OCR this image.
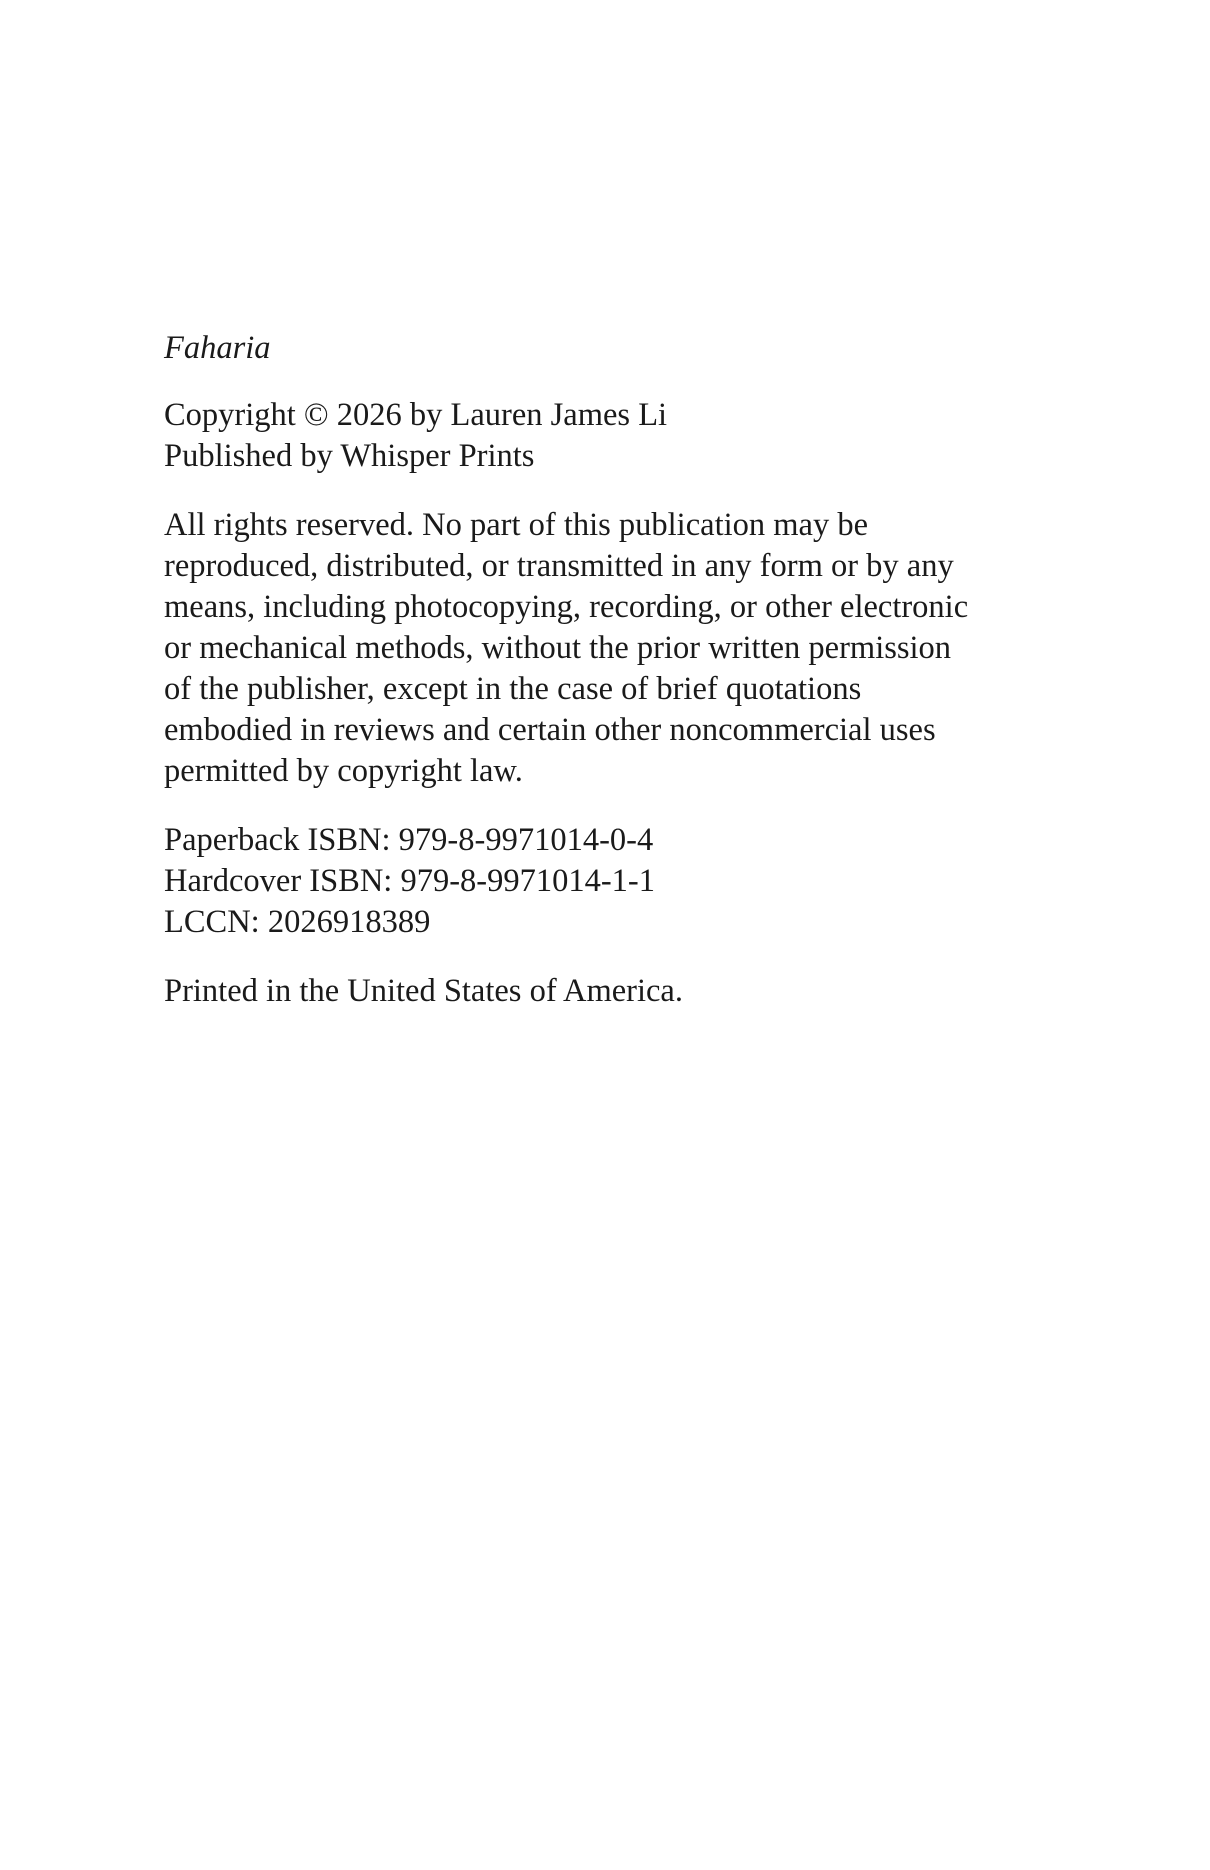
Faharia
Copyright © 2026 by Lauren James Li
Published by Whisper Prints
All rights reserved. No part of this publication may be
reproduced, distributed, or transmitted in any form or by any
means, including photocopying, recording, or other electronic
or mechanical methods, without the prior written permission
of the publisher, except in the case of brief quotations
embodied in reviews and certain other noncommercial uses
permitted by copyright law.
Paperback ISBN: 979-8-9971014-0-4
Hardcover ISBN: 979-8-9971014-1-1
LCCN: 2026918389
Printed in the United States of America.
